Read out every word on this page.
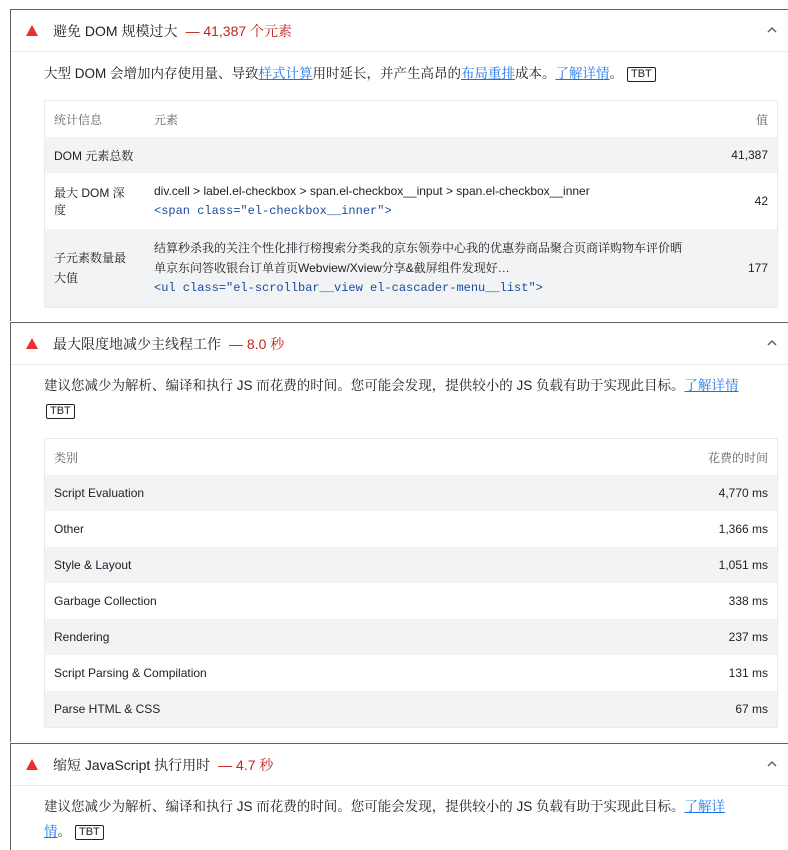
避免 DOM 规模过大 — 41,387 个元素
大型 DOM 会增加内存使用量、导致样式计算用时延长，并产生高昂的布局重排成本。了解详情。 TBT
统计信息	元素	值
DOM 元素总数		41,387
最大 DOM 深度	div.cell > label.el-checkbox > span.el-checkbox__input > span.el-checkbox__inner
<span class="el-checkbox__inner">	42
子元素数量最大值	结算秒杀我的关注个性化排行榜搜索分类我的京东领券中心我的优惠券商品聚合页商详购物车评价晒单京东问答收银台订单首页Webview/Xview分享&截屏组件发现好…
<ul class="el-scrollbar__view el-cascader-menu__list">	177
最大限度地减少主线程工作 — 8.0 秒
建议您减少为解析、编译和执行 JS 而花费的时间。您可能会发现，提供较小的 JS 负载有助于实现此目标。了解详情
TBT
类别	花费的时间
Script Evaluation	4,770 ms
Other	1,366 ms
Style & Layout	1,051 ms
Garbage Collection	338 ms
Rendering	237 ms
Script Parsing & Compilation	131 ms
Parse HTML & CSS	67 ms
缩短 JavaScript 执行用时 — 4.7 秒
建议您减少为解析、编译和执行 JS 而花费的时间。您可能会发现，提供较小的 JS 负载有助于实现此目标。了解详
情。 TBT
